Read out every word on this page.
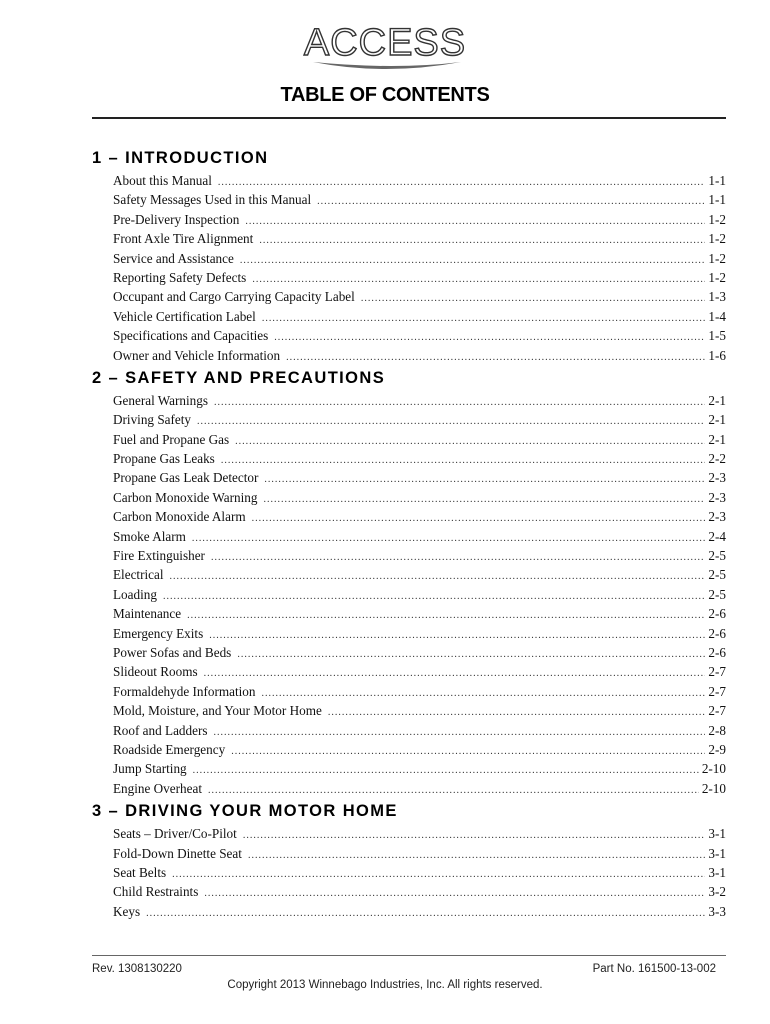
ACCESS
TABLE OF CONTENTS
1 – INTRODUCTION
About this Manual .....	1-1
Safety Messages Used in this Manual .....	1-1
Pre-Delivery Inspection .....	1-2
Front Axle Tire Alignment .....	1-2
Service and Assistance .....	1-2
Reporting Safety Defects .....	1-2
Occupant and Cargo Carrying Capacity Label .....	1-3
Vehicle Certification Label .....	1-4
Specifications and Capacities .....	1-5
Owner and Vehicle Information .....	1-6
2 – SAFETY AND PRECAUTIONS
General Warnings .....	2-1
Driving Safety .....	2-1
Fuel and Propane Gas .....	2-1
Propane Gas Leaks .....	2-2
Propane Gas Leak Detector .....	2-3
Carbon Monoxide Warning .....	2-3
Carbon Monoxide Alarm .....	2-3
Smoke Alarm .....	2-4
Fire Extinguisher .....	2-5
Electrical .....	2-5
Loading .....	2-5
Maintenance .....	2-6
Emergency Exits .....	2-6
Power Sofas and Beds .....	2-6
Slideout Rooms .....	2-7
Formaldehyde Information .....	2-7
Mold, Moisture, and Your Motor Home .....	2-7
Roof and Ladders .....	2-8
Roadside Emergency .....	2-9
Jump Starting .....	2-10
Engine Overheat .....	2-10
3 – DRIVING YOUR MOTOR HOME
Seats – Driver/Co-Pilot .....	3-1
Fold-Down Dinette Seat .....	3-1
Seat Belts .....	3-1
Child Restraints .....	3-2
Keys .....	3-3
Rev. 1308130220	Part No. 161500-13-002
Copyright 2013 Winnebago Industries, Inc. All rights reserved.
